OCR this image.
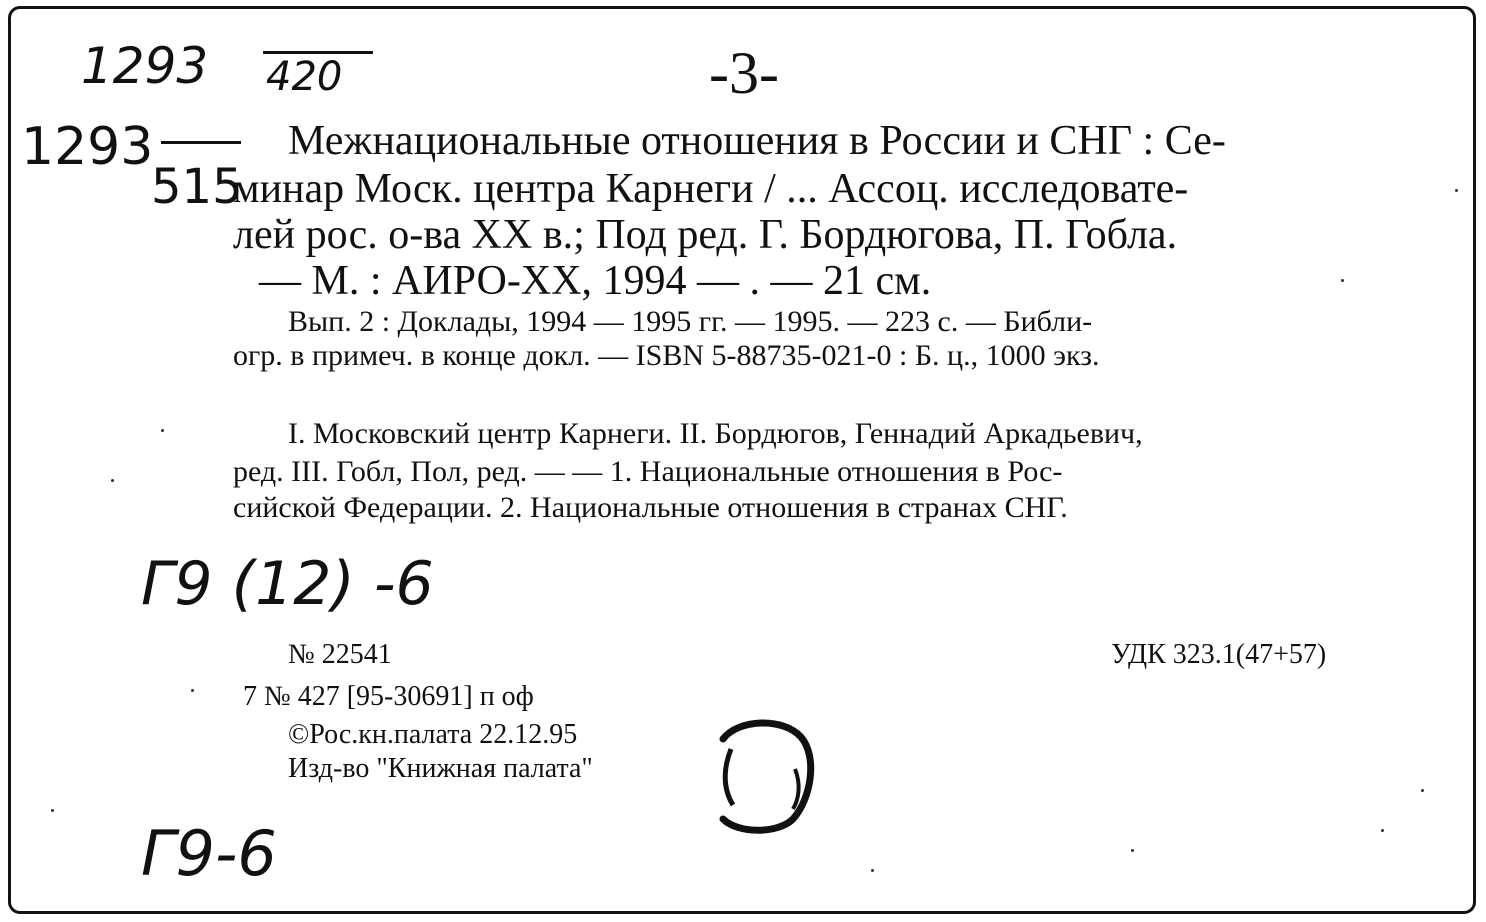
1293 420
1293
515
-3-
Межнациональные отношения в России и СНГ : Се-
минар Моск. центра Карнеги / ... Ассоц. исследовате-
лей рос. о-ва XX в.; Под ред. Г. Бордюгова, П. Гобла.
— М. : АИРО-XX, 1994 — . — 21 см.
Вып. 2 : Доклады, 1994 — 1995 гг. — 1995. — 223 с. — Библи-
огр. в примеч. в конце докл. — ISBN 5-88735-021-0 : Б. ц., 1000 экз.
I. Московский центр Карнеги. II. Бордюгов, Геннадий Аркадьевич,
ред. III. Гобл, Пол, ред. — — 1. Национальные отношения в Рос-
сийской Федерации. 2. Национальные отношения в странах СНГ.
Г9 (12) -6
Г9-6
№ 22541	УДК 323.1(47+57)
7 № 427 [95-30691] п оф
©Рос.кн.палата 22.12.95
Изд-во "Книжная палата"
